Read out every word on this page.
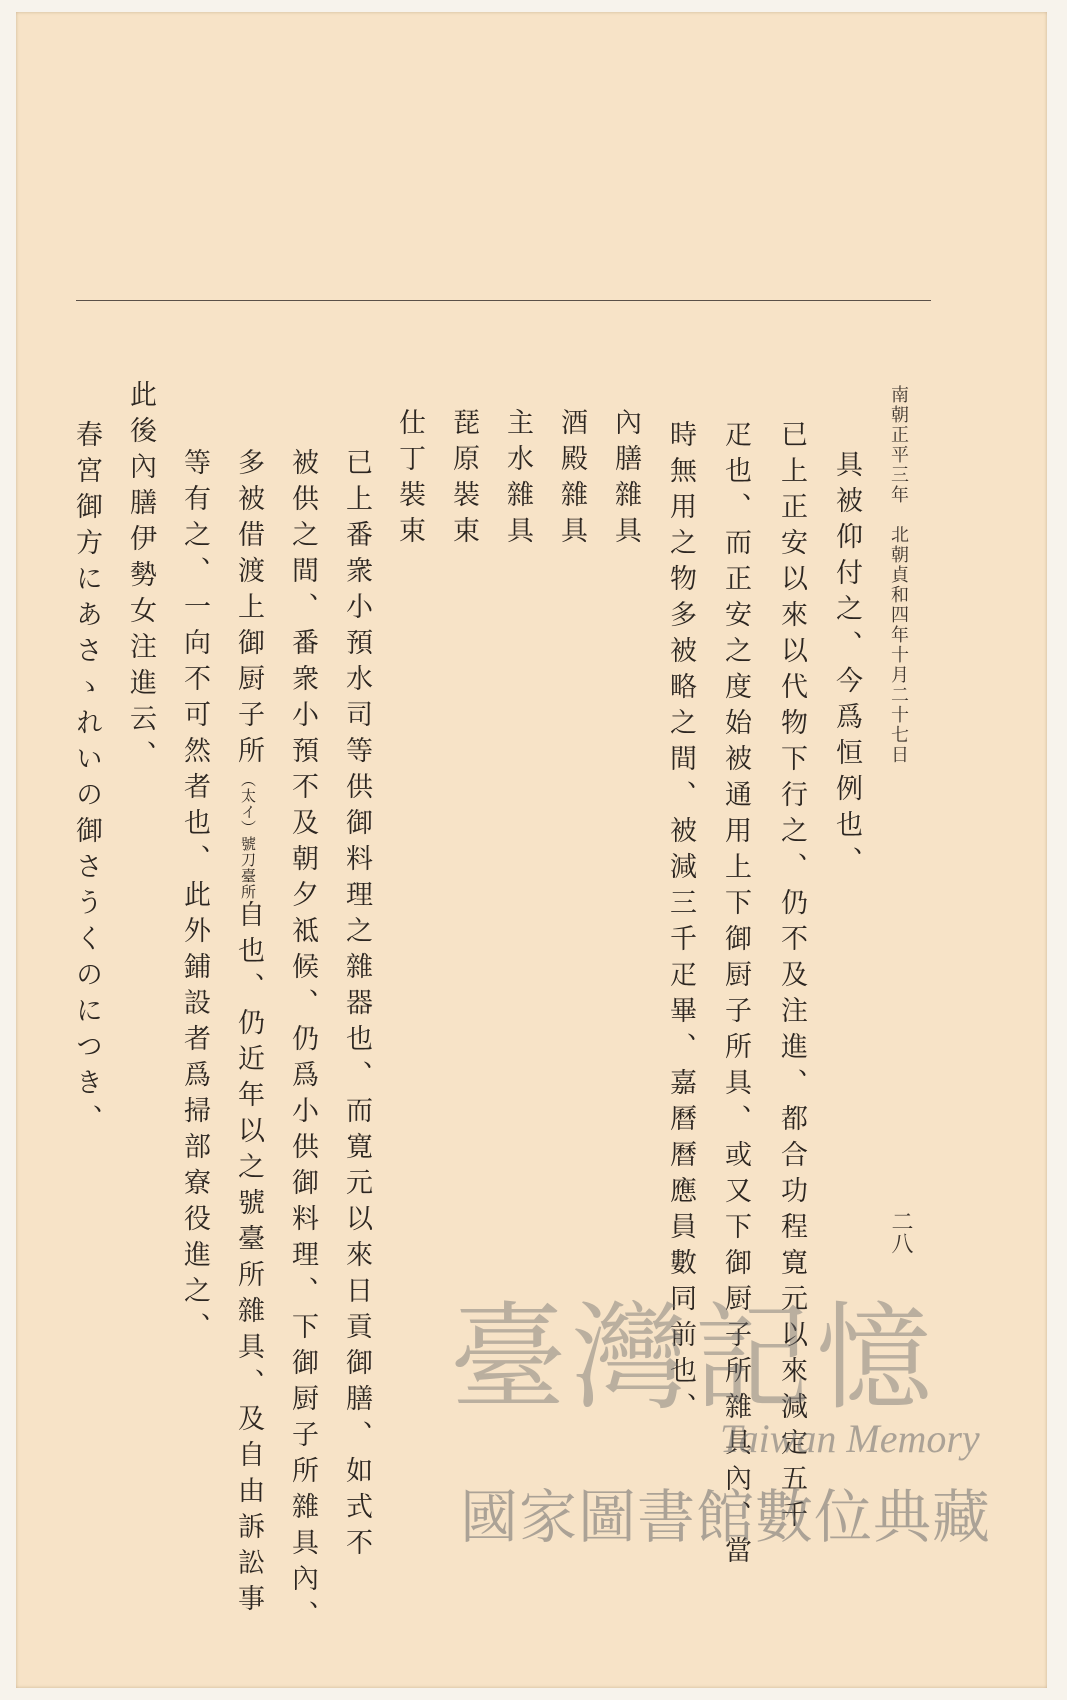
南朝正平三年　北朝貞和四年十月二十七日
二八
具被仰付之、今爲恒例也、
已上正安以來以代物下行之、仍不及注進、都合功程寛元以來減定五千
疋也、而正安之度始被通用上下御厨子所具、或又下御厨子所雜具內、當
時無用之物多被略之間、被減三千疋畢、嘉曆曆應員數同前也、
內膳雜具
酒殿雜具
主水雜具
琵原裝束
仕丁裝束
已上番衆小預水司等供御料理之雜器也、而寛元以來日貢御膳、如式不
被供之間、番衆小預不及朝夕祗候、仍爲小供御料理、下御厨子所雜具內、
多被借渡上御厨子所（太イ）號刀臺所自也、仍近年以之號臺所雜具、及自由訴訟事
等有之、一向不可然者也、此外鋪設者爲掃部寮役進之、
此後內膳伊勢女注進云、
春宮御方にあさゝれいの御さうくのにつき、
臺灣記憶
Taiwan Memory
國家圖書館數位典藏
